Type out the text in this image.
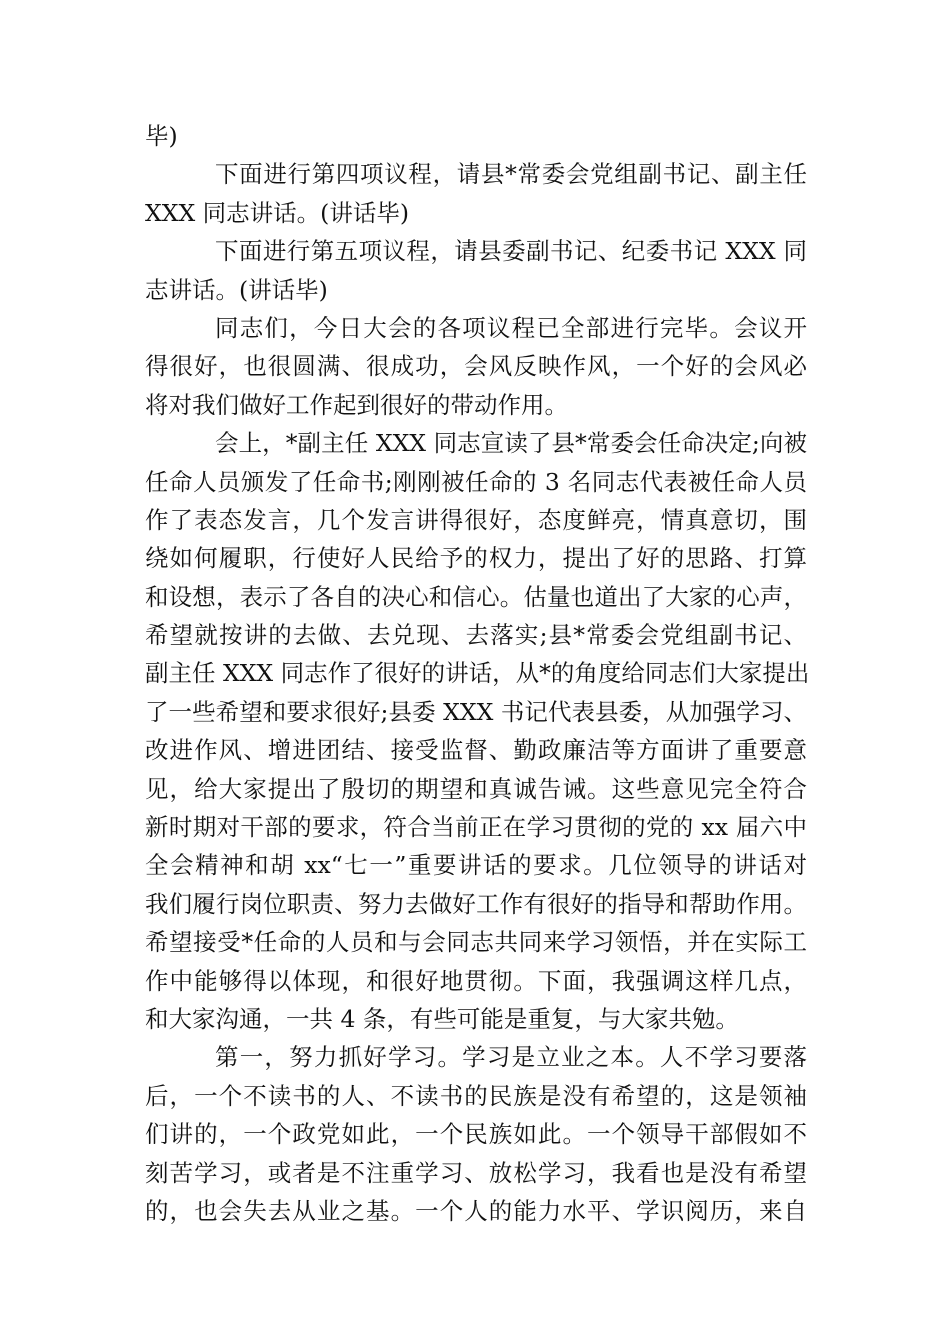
毕)
下面进行第四项议程，请县*常委会党组副书记、副主任
XXX 同志讲话。(讲话毕)
下面进行第五项议程，请县委副书记、纪委书记 XXX 同
志讲话。(讲话毕)
同志们，今日大会的各项议程已全部进行完毕。会议开
得很好，也很圆满、很成功，会风反映作风，一个好的会风必
将对我们做好工作起到很好的带动作用。
会上，*副主任 XXX 同志宣读了县*常委会任命决定;向被
任命人员颁发了任命书;刚刚被任命的 3 名同志代表被任命人员
作了表态发言，几个发言讲得很好，态度鲜亮，情真意切，围
绕如何履职，行使好人民给予的权力，提出了好的思路、打算
和设想，表示了各自的决心和信心。估量也道出了大家的心声，
希望就按讲的去做、去兑现、去落实;县*常委会党组副书记、
副主任 XXX 同志作了很好的讲话，从*的角度给同志们大家提出
了一些希望和要求很好;县委 XXX 书记代表县委，从加强学习、
改进作风、增进团结、接受监督、勤政廉洁等方面讲了重要意
见，给大家提出了殷切的期望和真诚告诫。这些意见完全符合
新时期对干部的要求，符合当前正在学习贯彻的党的 xx 届六中
全会精神和胡 xx“七一”重要讲话的要求。几位领导的讲话对
我们履行岗位职责、努力去做好工作有很好的指导和帮助作用。
希望接受*任命的人员和与会同志共同来学习领悟，并在实际工
作中能够得以体现，和很好地贯彻。下面，我强调这样几点，
和大家沟通，一共 4 条，有些可能是重复，与大家共勉。
第一，努力抓好学习。学习是立业之本。人不学习要落
后，一个不读书的人、不读书的民族是没有希望的，这是领袖
们讲的，一个政党如此，一个民族如此。一个领导干部假如不
刻苦学习，或者是不注重学习、放松学习，我看也是没有希望
的，也会失去从业之基。一个人的能力水平、学识阅历，来自
